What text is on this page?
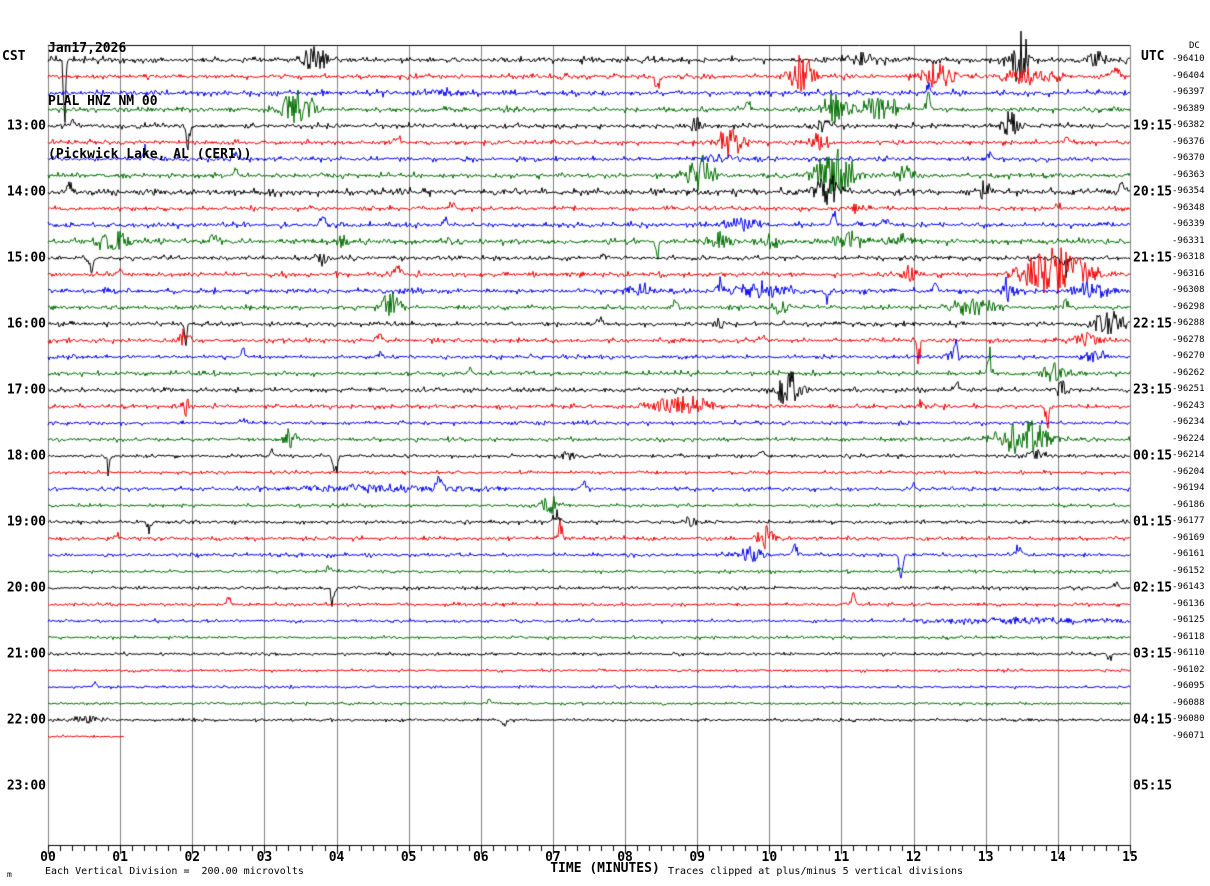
Jan17,2026

PLAL HNZ NM 00

(Pickwick Lake, AL (CERI))

CST	UTC
DC
-96410
-96404
-96397
-96389
13:00	19:15 -96382
-96376
-96370
-96363
14:00	20:15 -96354
-96348
-96339
-96331
15:00	21:15 -96318
-96316
-96308
-96298
16:00	22:15 -96288
-96278
-96270
-96262
17:00	23:15 -96251
-96243
-96234
-96224
18:00	00:15 -96214
-96204
-96194
-96186
19:00	01:15 -96177
-96169
-96161
-96152
20:00	02:15 -96143
-96136
-96125
-96118
21:00	03:15 -96110
-96102
-96095
-96088
22:00	04:15 -96080
-96071
23:00	05:15
00	01	02	03	04	05	06	07	08	09	10	11	12	13	14	15
Each Vertical Division =  200.00 microvolts	TIME (MINUTES) Traces clipped at plus/minus 5 vertical divisions
m
